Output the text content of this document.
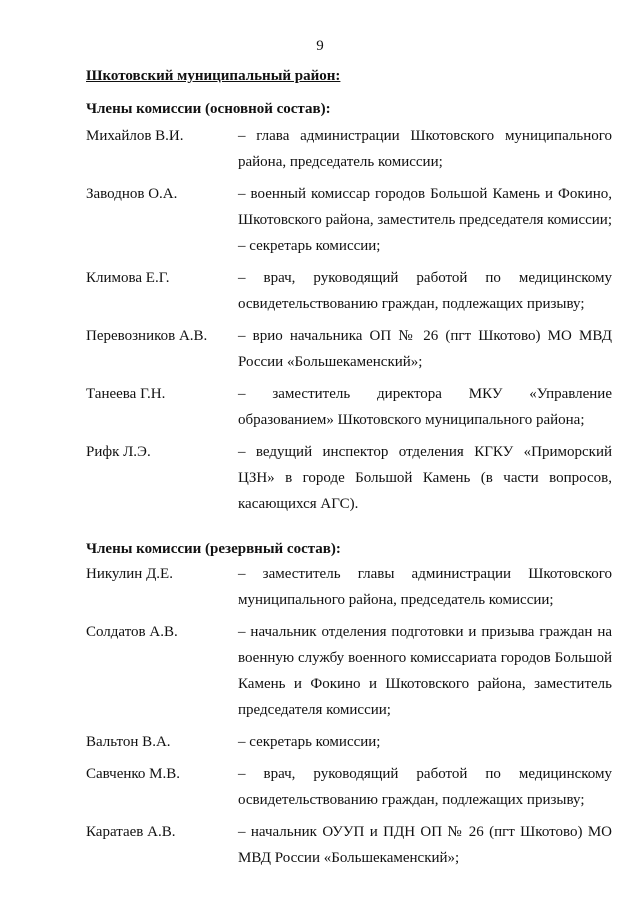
9
Шкотовский муниципальный район:
Члены комиссии (основной состав):
Михайлов В.И.	– глава администрации Шкотовского муниципального района, председатель комиссии;
Заводнов О.А.	– военный комиссар городов Большой Камень и Фокино, Шкотовского района, заместитель председателя комиссии;
– секретарь комиссии;
Климова Е.Г.	– врач, руководящий работой по медицинскому освидетельствованию граждан, подлежащих призыву;
Перевозников А.В.	– врио начальника ОП № 26 (пгт Шкотово) МО МВД России «Большекаменский»;
Танеева Г.Н.	– заместитель директора МКУ «Управление образованием» Шкотовского муниципального района;
Рифк Л.Э.	– ведущий инспектор отделения КГКУ «Приморский ЦЗН» в городе Большой Камень (в части вопросов, касающихся АГС).
Члены комиссии (резервный состав):
Никулин Д.Е.	– заместитель главы администрации Шкотовского муниципального района, председатель комиссии;
Солдатов А.В.	– начальник отделения подготовки и призыва граждан на военную службу военного комиссариата городов Большой Камень и Фокино и Шкотовского района, заместитель председателя комиссии;
Вальтон В.А.	– секретарь комиссии;
Савченко М.В.	– врач, руководящий работой по медицинскому освидетельствованию граждан, подлежащих призыву;
Каратаев А.В.	– начальник ОУУП и ПДН ОП № 26 (пгт Шкотово) МО МВД России «Большекаменский»;
